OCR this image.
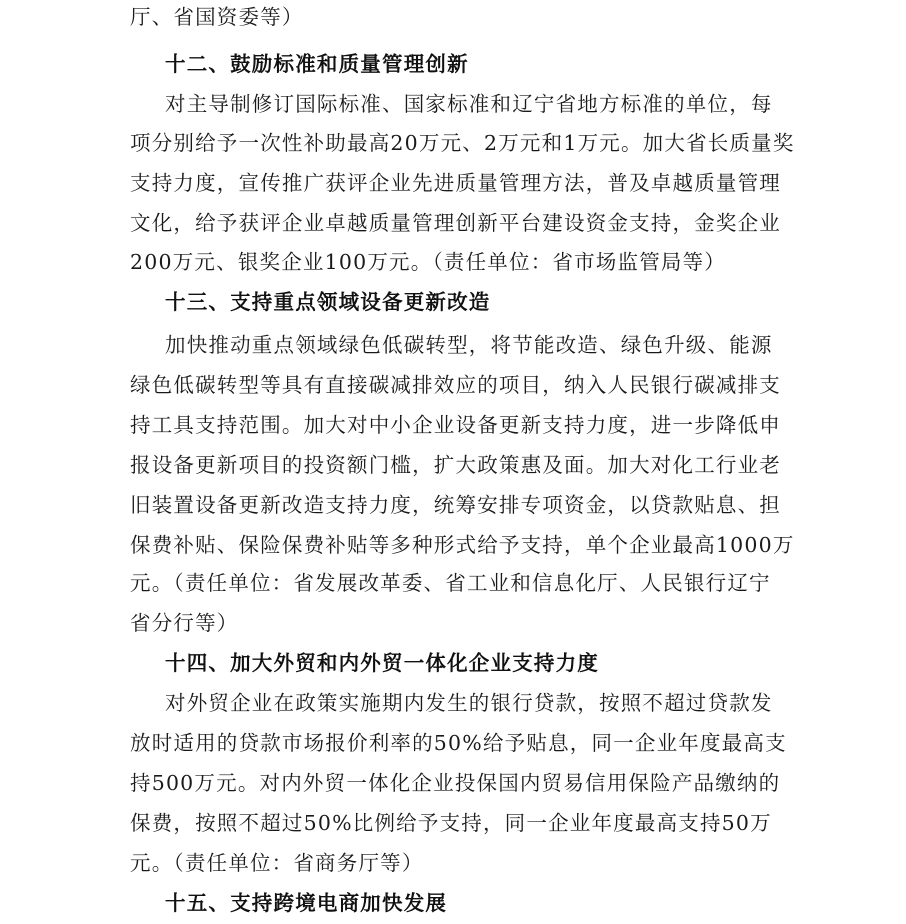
厅、省国资委等）
十二、鼓励标准和质量管理创新
对主导制修订国际标准、国家标准和辽宁省地方标准的单位，每
项分别给予一次性补助最高20万元、2万元和1万元。加大省长质量奖
支持力度，宣传推广获评企业先进质量管理方法，普及卓越质量管理
文化，给予获评企业卓越质量管理创新平台建设资金支持，金奖企业
200万元、银奖企业100万元。（责任单位：省市场监管局等）
十三、支持重点领域设备更新改造
加快推动重点领域绿色低碳转型，将节能改造、绿色升级、能源
绿色低碳转型等具有直接碳减排效应的项目，纳入人民银行碳减排支
持工具支持范围。加大对中小企业设备更新支持力度，进一步降低申
报设备更新项目的投资额门槛，扩大政策惠及面。加大对化工行业老
旧装置设备更新改造支持力度，统筹安排专项资金，以贷款贴息、担
保费补贴、保险保费补贴等多种形式给予支持，单个企业最高1000万
元。（责任单位：省发展改革委、省工业和信息化厅、人民银行辽宁
省分行等）
十四、加大外贸和内外贸一体化企业支持力度
对外贸企业在政策实施期内发生的银行贷款，按照不超过贷款发
放时适用的贷款市场报价利率的50%给予贴息，同一企业年度最高支
持500万元。对内外贸一体化企业投保国内贸易信用保险产品缴纳的
保费，按照不超过50%比例给予支持，同一企业年度最高支持50万
元。（责任单位：省商务厅等）
十五、支持跨境电商加快发展
